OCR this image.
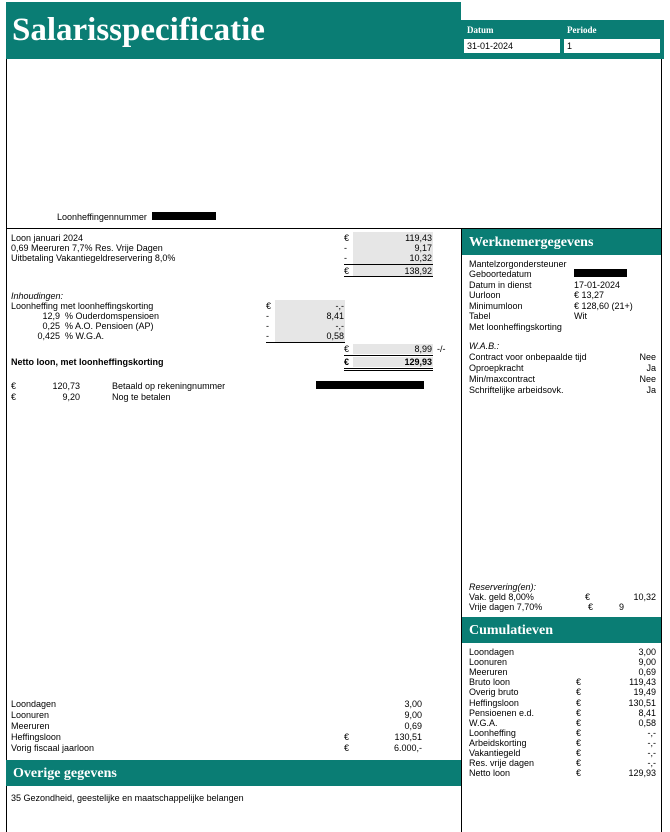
Salarisspecificatie	Datum	Periode
31-01-2024	1
Loonheffingennummer
Loon januari 2024	€	119,43
0,69 Meeruren 7,7% Res. Vrije Dagen	-	9,17
Uitbetaling Vakantiegeldreservering 8,0%	-	10,32
€	138,92
Inhoudingen:
Loonheffing met loonheffingskorting	€	-,-
12,9 % Ouderdomspensioen	-	8,41
0,25 % A.O. Pensioen (AP)	-	-,-
0,425 % W.G.A.	-	0,58
€	8,99 -/-
Netto loon, met loonheffingskorting	€	129,93
€	120,73	Betaald op rekeningnummer
€	9,20	Nog te betalen
Loondagen	3,00
Loonuren	9,00
Meeruren	0,69
Heffingsloon	€	130,51
Vorig fiscaal jaarloon	€	6.000,-
Overige gegevens
35 Gezondheid, geestelijke en maatschappelijke belangen
Werknemergegevens
Mantelzorgondersteuner
Geboortedatum
Datum in dienst	17-01-2024
Uurloon	€ 13,27
Minimumloon	€ 128,60 (21+)
Tabel	Wit
Met loonheffingskorting
W.A.B.:
Contract voor onbepaalde tijd	Nee
Oproepkracht	Ja
Min/maxcontract	Nee
Schriftelijke arbeidsovk.	Ja
Reservering(en):
Vak. geld 8,00%	€	10,32
Vrije dagen 7,70%	€	9
Cumulatieven
Loondagen	3,00
Loonuren	9,00
Meeruren	0,69
Bruto loon	€	119,43
Overig bruto	€	19,49
Heffingsloon	€	130,51
Pensioenen e.d.	€	8,41
W.G.A.	€	0,58
Loonheffing	€	-,-
Arbeidskorting	€	-,-
Vakantiegeld	€	-,-
Res. vrije dagen	€	-,-
Netto loon	€	129,93
